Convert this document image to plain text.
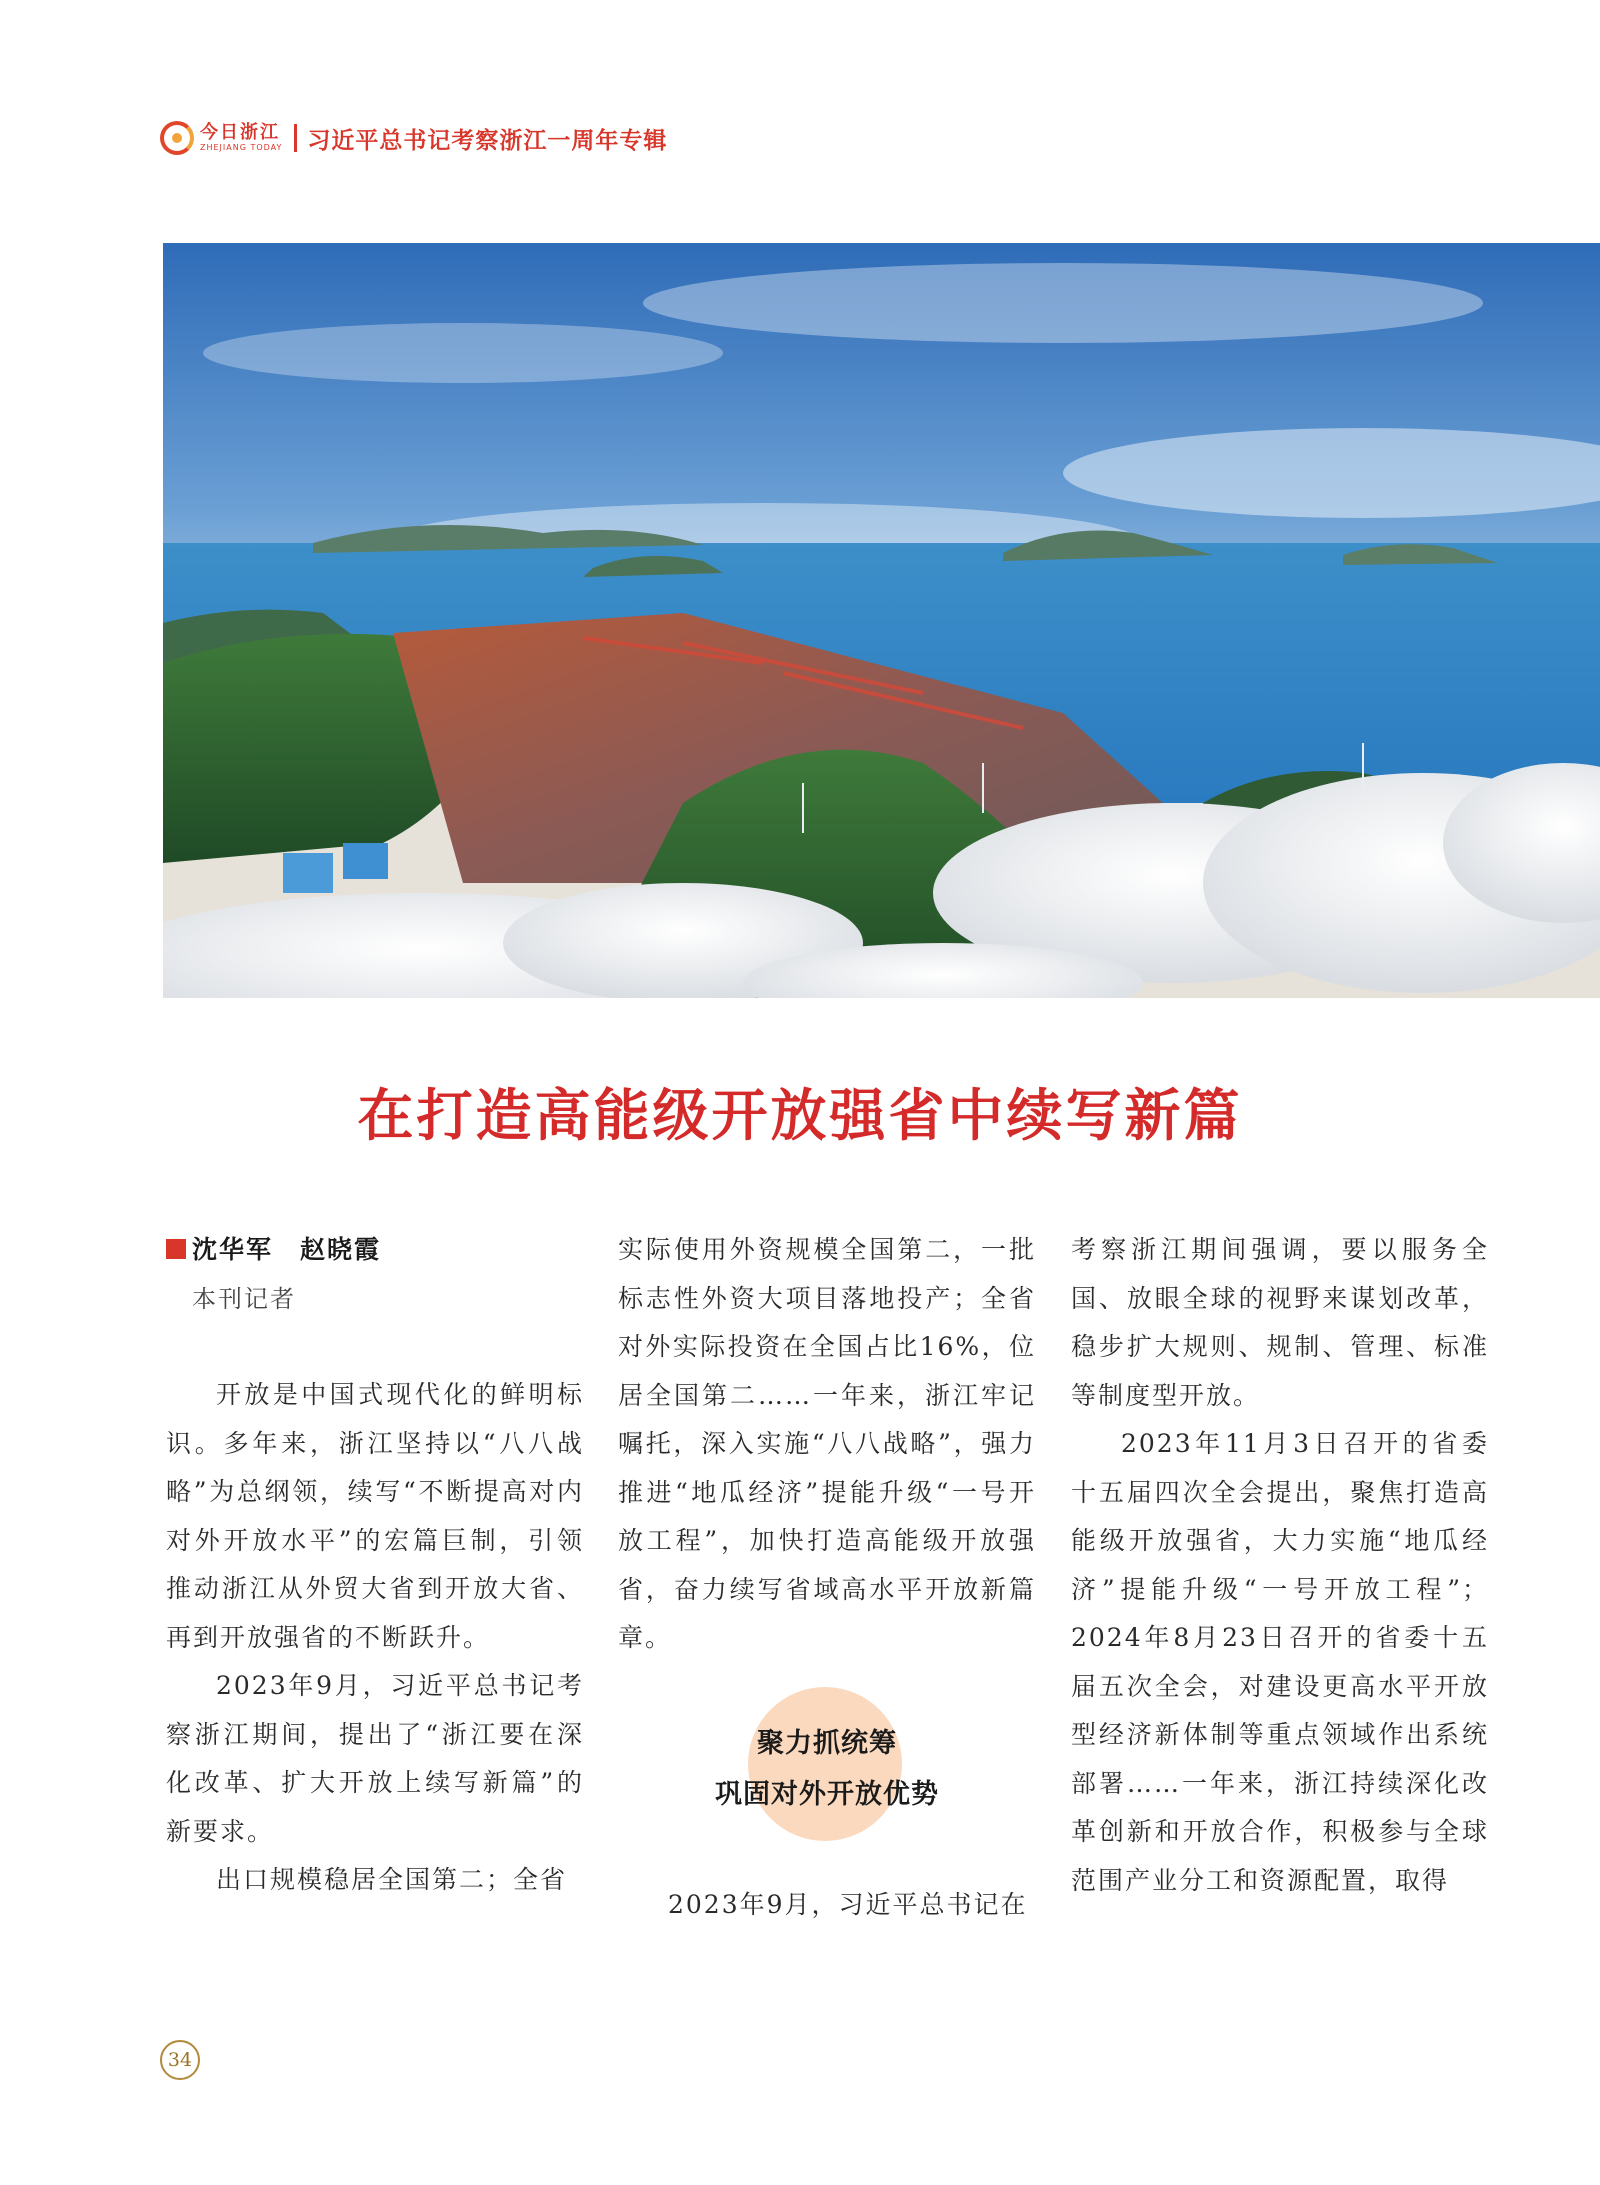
今日浙江
ZHEJIANG TODAY 习近平总书记考察浙江一周年专辑
在打造高能级开放强省中续写新篇
沈华军　赵晓霞
本刊记者

开放是中国式现代化的鲜明标识。多年来，浙江坚持以“八八战略”为总纲领，续写“不断提高对内对外开放水平”的宏篇巨制，引领推动浙江从外贸大省到开放大省、再到开放强省的不断跃升。

2023年9月，习近平总书记考察浙江期间，提出了“浙江要在深化改革、扩大开放上续写新篇”的新要求。

出口规模稳居全国第二；全省

实际使用外资规模全国第二，一批标志性外资大项目落地投产；全省对外实际投资在全国占比16%，位居全国第二……一年来，浙江牢记嘱托，深入实施“八八战略”，强力推进“地瓜经济”提能升级“一号开放工程”，加快打造高能级开放强省，奋力续写省域高水平开放新篇章。

聚力抓统筹
巩固对外开放优势

2023年9月，习近平总书记在

考察浙江期间强调，要以服务全国、放眼全球的视野来谋划改革，稳步扩大规则、规制、管理、标准等制度型开放。

2023年11月3日召开的省委十五届四次全会提出，聚焦打造高能级开放强省，大力实施“地瓜经济”提能升级“一号开放工程”；2024年8月23日召开的省委十五届五次全会，对建设更高水平开放型经济新体制等重点领域作出系统部署……一年来，浙江持续深化改革创新和开放合作，积极参与全球范围产业分工和资源配置，取得

34
